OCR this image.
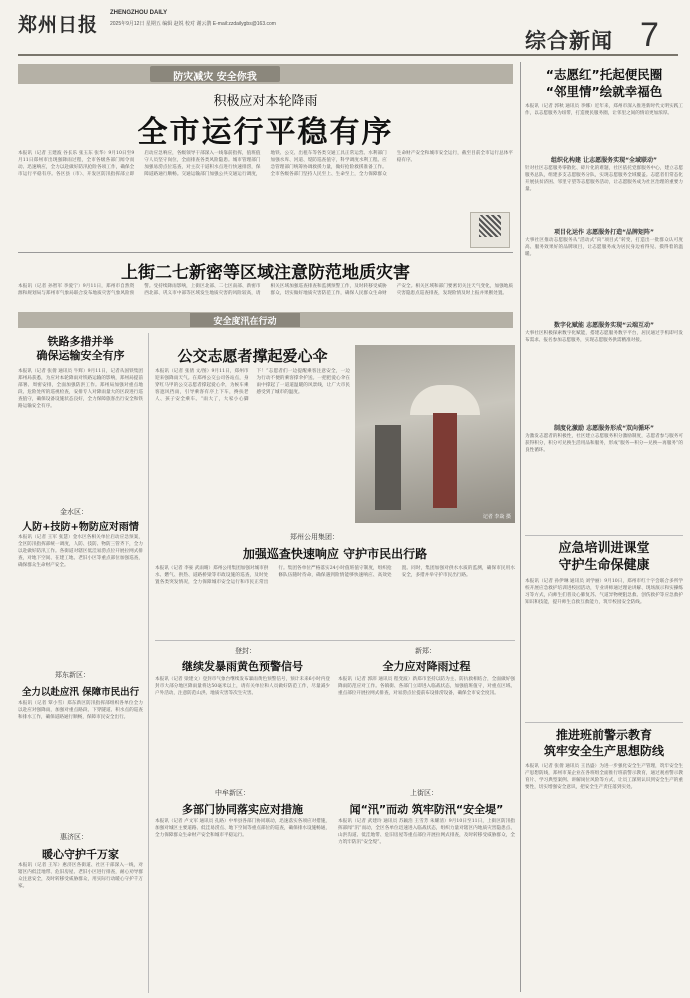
郑州日报
ZHENGZHOU DAILY
2025年9月12日 星期五 编辑 赵锐 校对 谢云鹊 E-mail:zzdailygbs@163.com
综合新闻 7
防灾减灾 安全你我
积极应对本轮降雨
全市运行平稳有序
本报讯（记者 王建波 谷长乐 张玉东 张华）9月10日至9月11日郑州市出现强降雨过程，全市各级各部门闻令而动、迅速响应，全力以赴做好防汛抢险各项工作，确保全市运行平稳有序。各区县（市）、开发区防汛指挥部立即启动应急响应，各级领导干部深入一线靠前指挥，值班值守人员坚守岗位，全面排查各类风险隐患。城市管理部门加强易涝点位巡查，对主次干道积水点进行快速排涝，保障道路通行顺畅。交通运输部门加强公共交通运行调度，地铁、公交、出租车等各类交通工具正常运营。水利部门加强水库、河道、堤防巡查值守，科学调度水利工程。应急管理部门统筹协调救援力量，做好抢险救援准备工作。全市各级各部门坚持人民至上、生命至上，全力保障群众生命财产安全和城市安全运行，截至目前全市运行总体平稳有序。
上街二七新密等区域注意防范地质灾害
本报讯（记者 孙智军 李爱宁）9月11日，郑州市自然资源和规划局与郑州市气象局联合发布地质灾害气象风险预警。受持续降雨影响，上街区北部、二七区南部、新密市西北部、巩义市中部等区域发生地质灾害的风险较高，请相关区域加强巡查排查和监测预警工作，及时转移受威胁群众，切实做好地质灾害防范工作，确保人民群众生命财产安全。相关区域和部门要密切关注天气变化，加强地质灾害隐患点巡查排查，发现险情及时上报并果断处置。
安全度汛在行动
铁路多措并举
确保运输安全有序
本报讯（记者 张倩 通讯员 牛辉）9月11日，记者从国铁集团郑州局获悉，为应对本轮降雨对铁路运输的影响，郑州局提前部署、周密安排，全面加强防洪工作。郑州局加强对重点地段、危险处所的巡视检查，安排专人对降雨量大的区段进行巡查值守，确保设备设施状态良好，全力保障旅客出行安全和铁路运输安全有序。
金水区：
人防+技防+物防应对雨情
本报讯（记者 王军 张慧）金水区各相关单位启动应急预案，全区防汛指挥部统一调度，人防、技防、物防三管齐下，全力以赴做好防汛工作。各街道对辖区低洼易涝点位开展拉网式排查，对地下空间、在建工地、老旧小区等重点部位加强巡查，确保群众生命财产安全。
郑东新区：
全力以赴应汛 保障市民出行
本报讯（记者 覃小雪）郑东新区防汛指挥部组织各单位全力以赴应对强降雨，加强对重点路段、下穿隧道、积水点的巡查和排水工作，确保道路通行顺畅，保障市民安全出行。
惠济区：
暖心守护千万家
本报讯（记者 王军）惠济区各街道、社区干部深入一线，对辖区内低洼地带、危旧房屋、老旧小区进行排查，耐心劝导群众注意安全，及时转移受威胁群众，用实际行动暖心守护千万家。
公交志愿者撑起爱心伞
本报讯（记者 张倩 文/图）9月11日，郑州市迎来强降雨天气。在郑州公交公司各站点，身穿红马甲的公交志愿者撑起爱心伞，为候车乘客遮风挡雨，引导乘客有序上下车，搀扶老人、孩子安全乘车。“雨大了，大家小心脚下！”志愿者们一边提醒乘客注意安全，一边为行动不便的乘客撑伞护送。一把把爱心伞在雨中撑起了一道道温暖的风景线，让广大市民感受到了城市的温度。
记者 李焱 摄
郑州公用集团：
加强巡查快速响应 守护市民出行路
本报讯（记者 李豪 武雨晴）郑州公用集团加强对城市供水、燃气、供热、道路桥梁等市政设施的巡查，及时处置各类突发情况，全力保障城市安全运行和市民正常出行。集团各单位严格落实24小时值班值守制度，组织抢修队伍随时待命，确保遇到险情能够快速响应、高效处置。同时，集团加强对供水水质的监测，确保市民用水安全，多措并举守护市民出行路。
登封：
继续发暴雨黄色预警信号
本报讯（记者 梁建文）登封市气象台继续发布暴雨黄色预警信号，预计未来6小时内登封市大部分地区降雨量将达50毫米以上，请有关单位和人员做好防范工作，尽量减少户外活动，注意防范山洪、地质灾害等次生灾害。
新郑：
全力应对降雨过程
本报讯（记者 郭沛 通讯员 程变波）新郑市坚持以防为主、防抗救相结合，全面做好强降雨防范应对工作。各镇街、各部门立即进入临战状态，加强值班值守，对重点区域、重点部位开展拉网式排查，对易涝点位提前布设排涝设备，确保全市安全度汛。
中牟新区：
多部门协同落实应对措施
本报讯（记者 卢文军 通讯员 孔路）中牟县各部门协同联动，迅速落实各项应对措施，加强对城区主要道路、低洼易涝点、地下空间等重点部位的巡查，确保排水设施畅通，全力保障群众生命财产安全和城市平稳运行。
上街区：
闻“汛”而动 筑牢防汛“安全堤”
本报讯（记者 武建玲 通讯员 苏颖浩 王雪芳 朱耀清）9月10日至11日，上街区防汛指挥部闻“汛”而动，全区各单位迅速进入临战状态，组织力量对辖区内地质灾害隐患点、山洪沟道、低洼地带、危旧房屋等重点部位开展拉网式排查，及时转移受威胁群众，全力筑牢防汛“安全堤”。
“志愿红”托起便民圈
“邻里情”绘就幸福色
本报讯（记者 郭秋 通讯员 李娜）近年来，郑州市深入推进新时代文明实践工作，以志愿服务为纽带，打造便民服务圈，让邻里之间的情谊更加浓厚。
组织化构建 让志愿服务实现“全域联动”
针对社区志愿服务零散化、碎片化的难题，社区依托党群服务中心，建立志愿服务总队，组建多支志愿服务分队，实现志愿服务全域覆盖。志愿者们常态化开展扶贫济困、邻里守望等志愿服务活动，让志愿服务成为社区治理的重要力量。
项目化运作 志愿服务打造“品牌矩阵”
大事社区推动志愿服务从“活动式”向“项目式”转变，打造出一批群众认可度高、服务效果好的品牌项目，让志愿服务成为居民身边看得见、摸得着的温暖。
数字化赋能 志愿服务实现“云端互动”
大事社区积极探索数字化赋能，搭建志愿服务数字平台，居民通过手机即可发布需求、报名参加志愿服务，实现志愿服务供需精准对接。
制度化激励 志愿服务形成“双向循环”
为激发志愿者的积极性，社区建立志愿服务积分激励制度，志愿者参与服务可获得积分，积分可兑换生活用品和服务，形成“服务—积分—兑换—再服务”的良性循环。
应急培训进课堂
守护生命保健康
本报讯（记者 孙伊琳 通讯员 刘学丽）9月10日，郑州市红十字会联合多所学校开展应急救护培训进校园活动，专业讲师通过理论讲解、现场演示和实操练习等方式，向师生们普及心肺复苏、气道异物梗阻急救、创伤救护等应急救护知识和技能，提升师生自救互救能力，筑牢校园安全防线。
推进班前警示教育
筑牢安全生产思想防线
本报讯（记者 张倩 通讯员 王昌盛）为进一步强化安全生产管理，筑牢安全生产思想防线，郑州市某企业在各班组全面推行班前警示教育，通过观看警示教育片、学习典型案例、讲解岗位风险等方式，让员工深刻认识到安全生产的重要性，切实增强安全意识，把安全生产责任落到实处。
